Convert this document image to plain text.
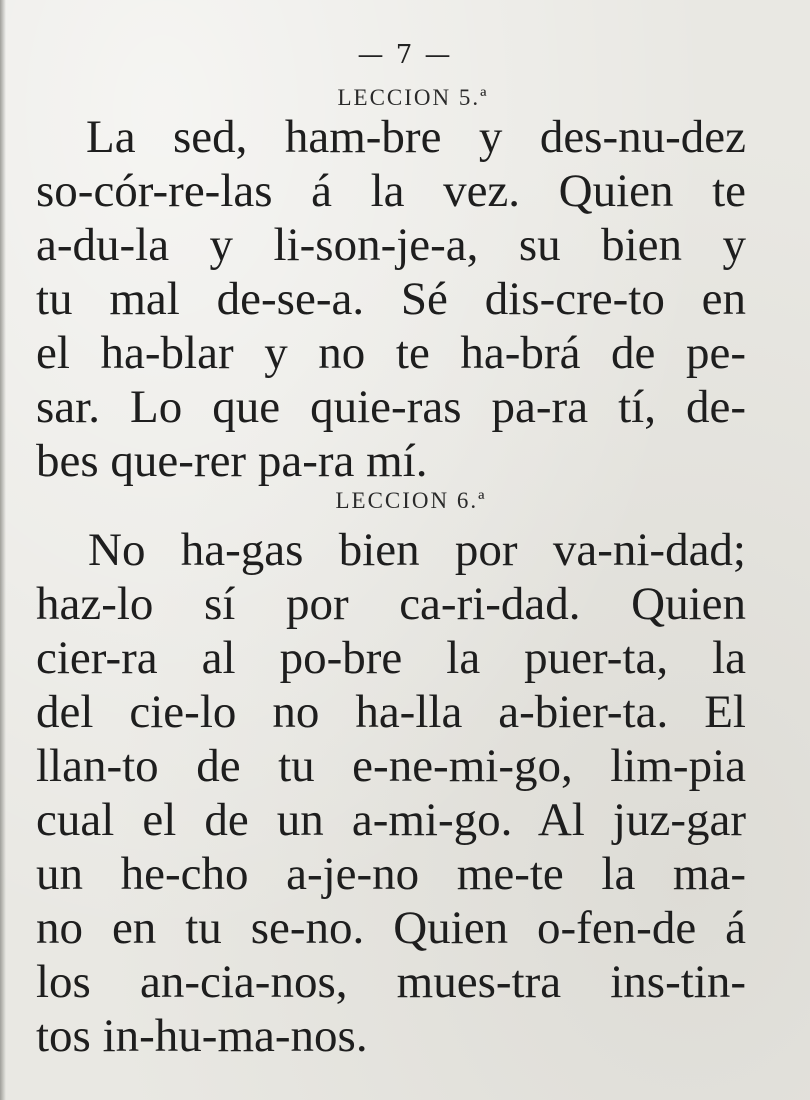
— 7 —
LECCION 5.ª
La sed, ham-bre y des-nu-dez
so-cór-re-las á la vez. Quien te
a-du-la y li-son-je-a, su bien y
tu mal de-se-a. Sé dis-cre-to en
el ha-blar y no te ha-brá de pe-
sar. Lo que quie-ras pa-ra tí, de-
bes que-rer pa-ra mí.
LECCION 6.ª
No ha-gas bien por va-ni-dad;
haz-lo sí por ca-ri-dad. Quien
cier-ra al po-bre la puer-ta, la
del cie-lo no ha-lla a-bier-ta. El
llan-to de tu e-ne-mi-go, lim-pia
cual el de un a-mi-go. Al juz-gar
un he-cho a-je-no me-te la ma-
no en tu se-no. Quien o-fen-de á
los an-cia-nos, mues-tra ins-tin-
tos in-hu-ma-nos.
